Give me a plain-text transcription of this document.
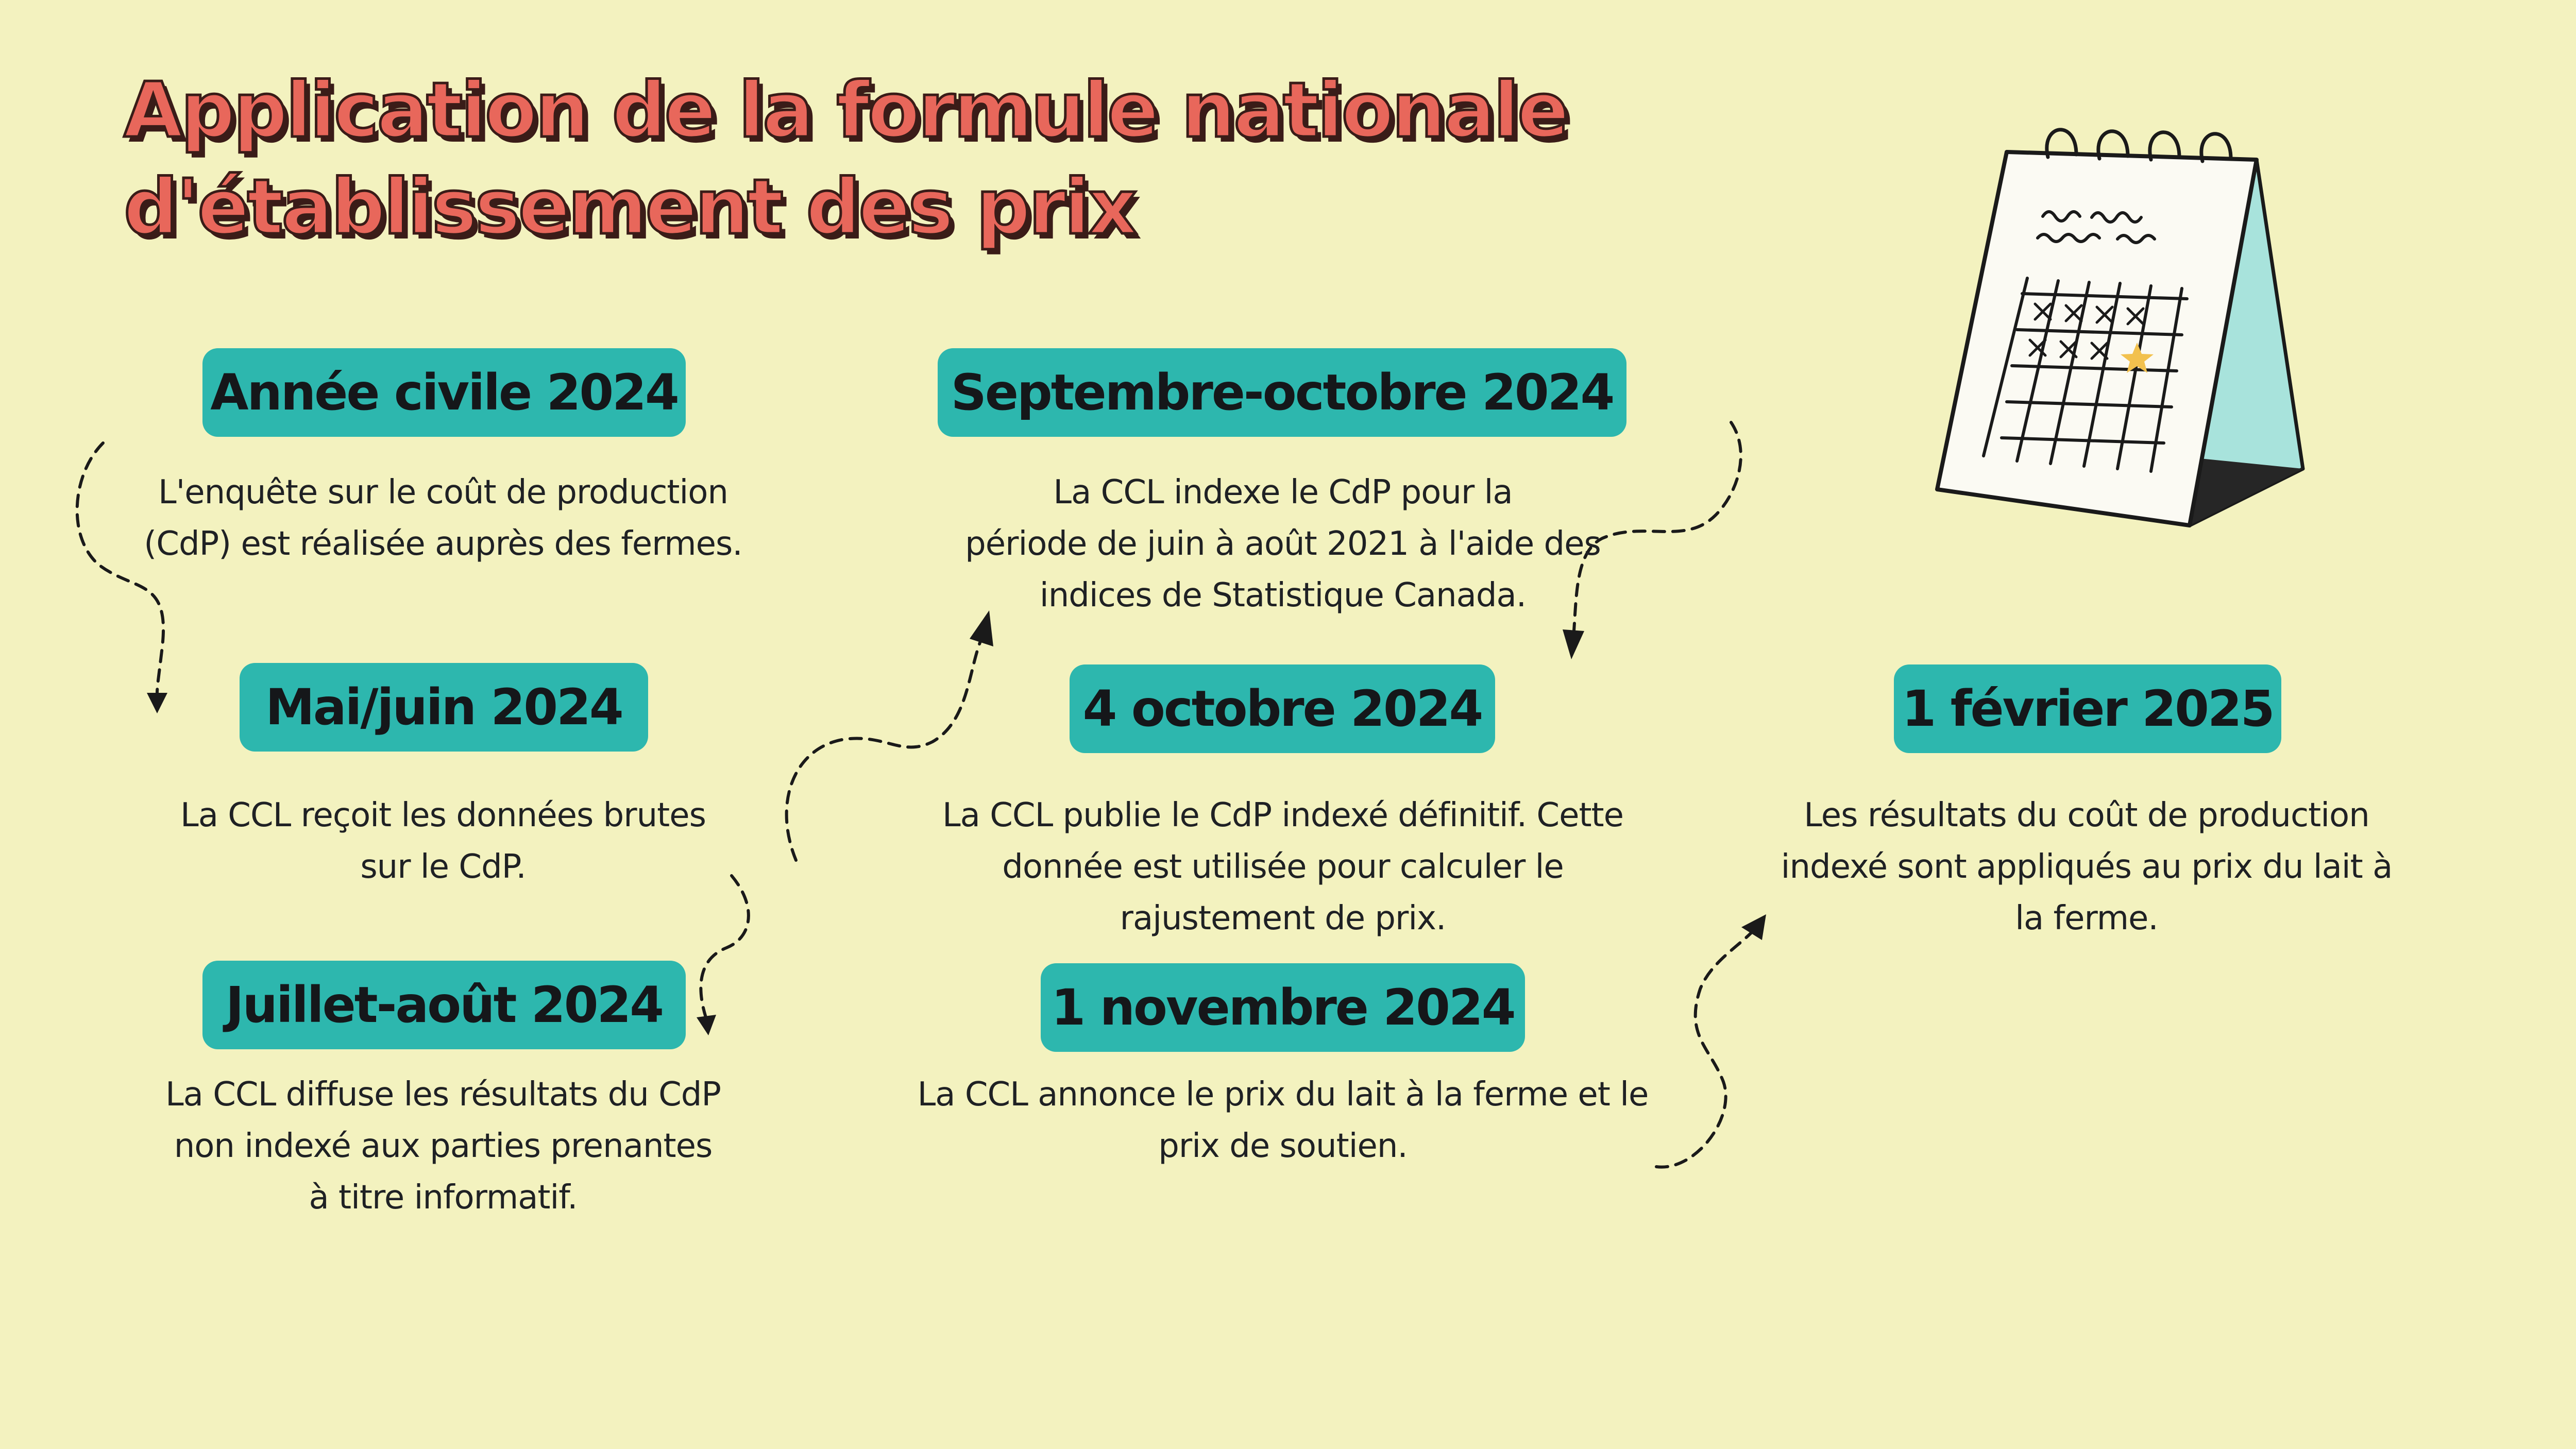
Application de la formule nationale
d'établissement des prix
Année civile 2024
L'enquête sur le coût de production
(CdP) est réalisée auprès des fermes.
Mai/juin 2024
La CCL reçoit les données brutes
sur le CdP.
Juillet-août 2024
La CCL diffuse les résultats du CdP
non indexé aux parties prenantes
à titre informatif.
Septembre-octobre 2024
La CCL indexe le CdP pour la
période de juin à août 2021 à l'aide des
indices de Statistique Canada.
4 octobre 2024
La CCL publie le CdP indexé définitif. Cette
donnée est utilisée pour calculer le
rajustement de prix.
1 novembre 2024
La CCL annonce le prix du lait à la ferme et le
prix de soutien.
1 février 2025
Les résultats du coût de production
indexé sont appliqués au prix du lait à
la ferme.
